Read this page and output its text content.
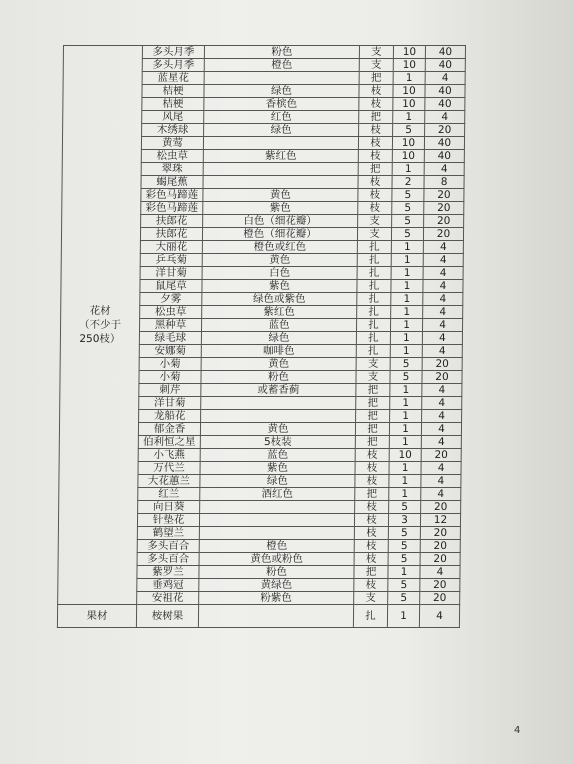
花材
（不少于
250枝）	多头月季	粉色	支	10	40
	多头月季	橙色	支	10	40
	蓝星花		把	1	4
	桔梗	绿色	枝	10	40
	桔梗	香槟色	枝	10	40
	风尾	红色	把	1	4
	木绣球	绿色	枝	5	20
	黄莺		枝	10	40
	松虫草	紫红色	枝	10	40
	翠珠		把	1	4
	蝎尾蕉		枝	2	8
	彩色马蹄莲	黄色	枝	5	20
	彩色马蹄莲	紫色	枝	5	20
	扶郎花	白色（细花瓣）	支	5	20
	扶郎花	橙色（细花瓣）	支	5	20
	大丽花	橙色或红色	扎	1	4
	乒乓菊	黄色	扎	1	4
	洋甘菊	白色	扎	1	4
	鼠尾草	紫色	扎	1	4
	夕雾	绿色或紫色	扎	1	4
	松虫草	紫红色	扎	1	4
	黑种草	蓝色	扎	1	4
	绿毛球	绿色	扎	1	4
	安娜菊	咖啡色	扎	1	4
	小菊	黄色	支	5	20
	小菊	粉色	支	5	20
	刺芹	或蓄香蓟	把	1	4
	洋甘菊		把	1	4
	龙船花		把	1	4
	郁金香	黄色	把	1	4
	伯利恒之星	5枝装	把	1	4
	小飞燕	蓝色	枝	10	20
	万代兰	紫色	枝	1	4
	大花蕙兰	绿色	枝	1	4
	红兰	酒红色	把	1	4
	向日葵		枝	5	20
	针垫花		枝	3	12
	鹤望兰		枝	5	20
	多头百合	橙色	枝	5	20
	多头百合	黄色或粉色	枝	5	20
	紫罗兰	粉色	把	1	4
	垂鸡冠	黄绿色	枝	5	20
	安祖花	粉紫色	支	5	20
果材	桉树果		扎	1	4
4
